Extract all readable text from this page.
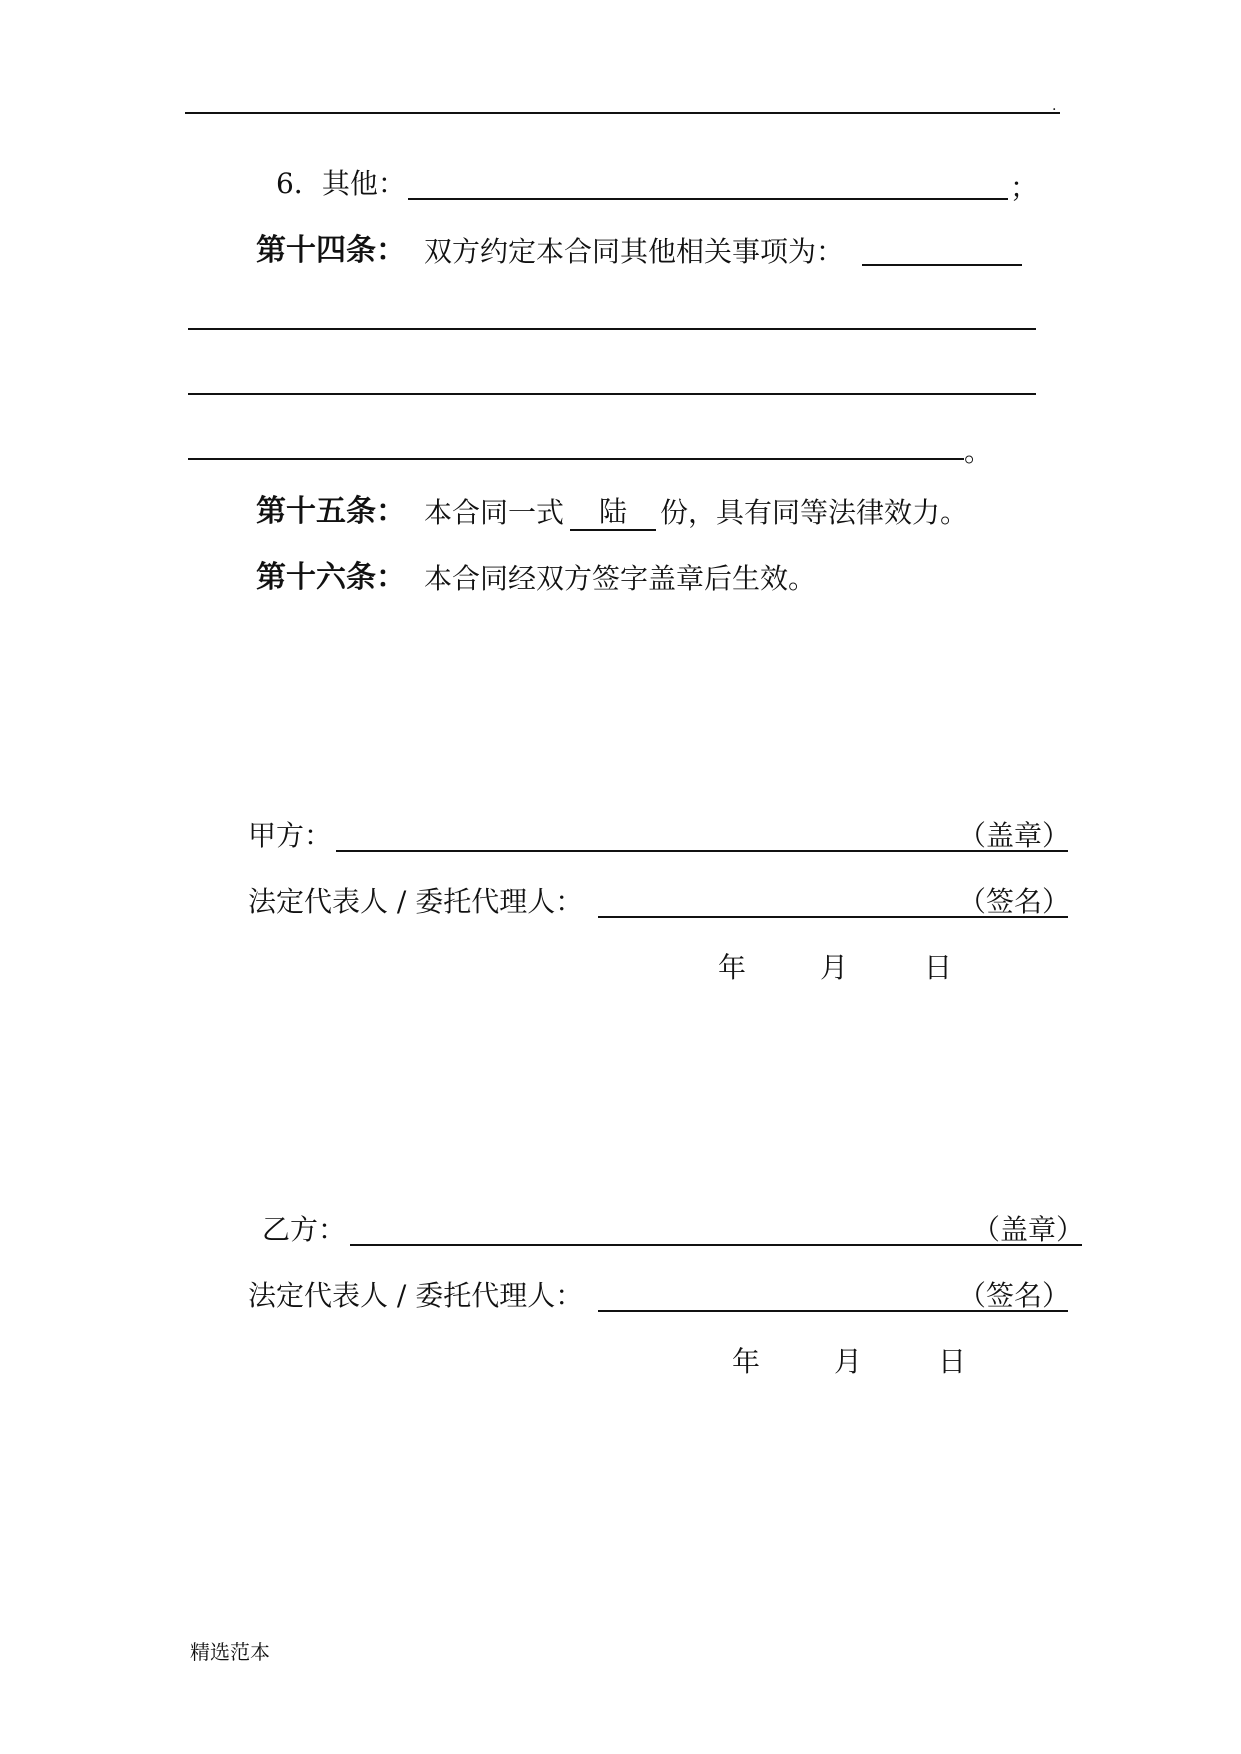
.
6．其他：	；
第十四条： 双方约定本合同其他相关事项为：
。
第十五条： 本合同一式	陆	份，具有同等法律效力。
第十六条： 本合同经双方签字盖章后生效。
甲方：	（盖章）
法定代表人 / 委托代理人：	（签名）
年	月	日
乙方：	（盖章）
法定代表人 / 委托代理人：	（签名）
年	月	日
精选范本
